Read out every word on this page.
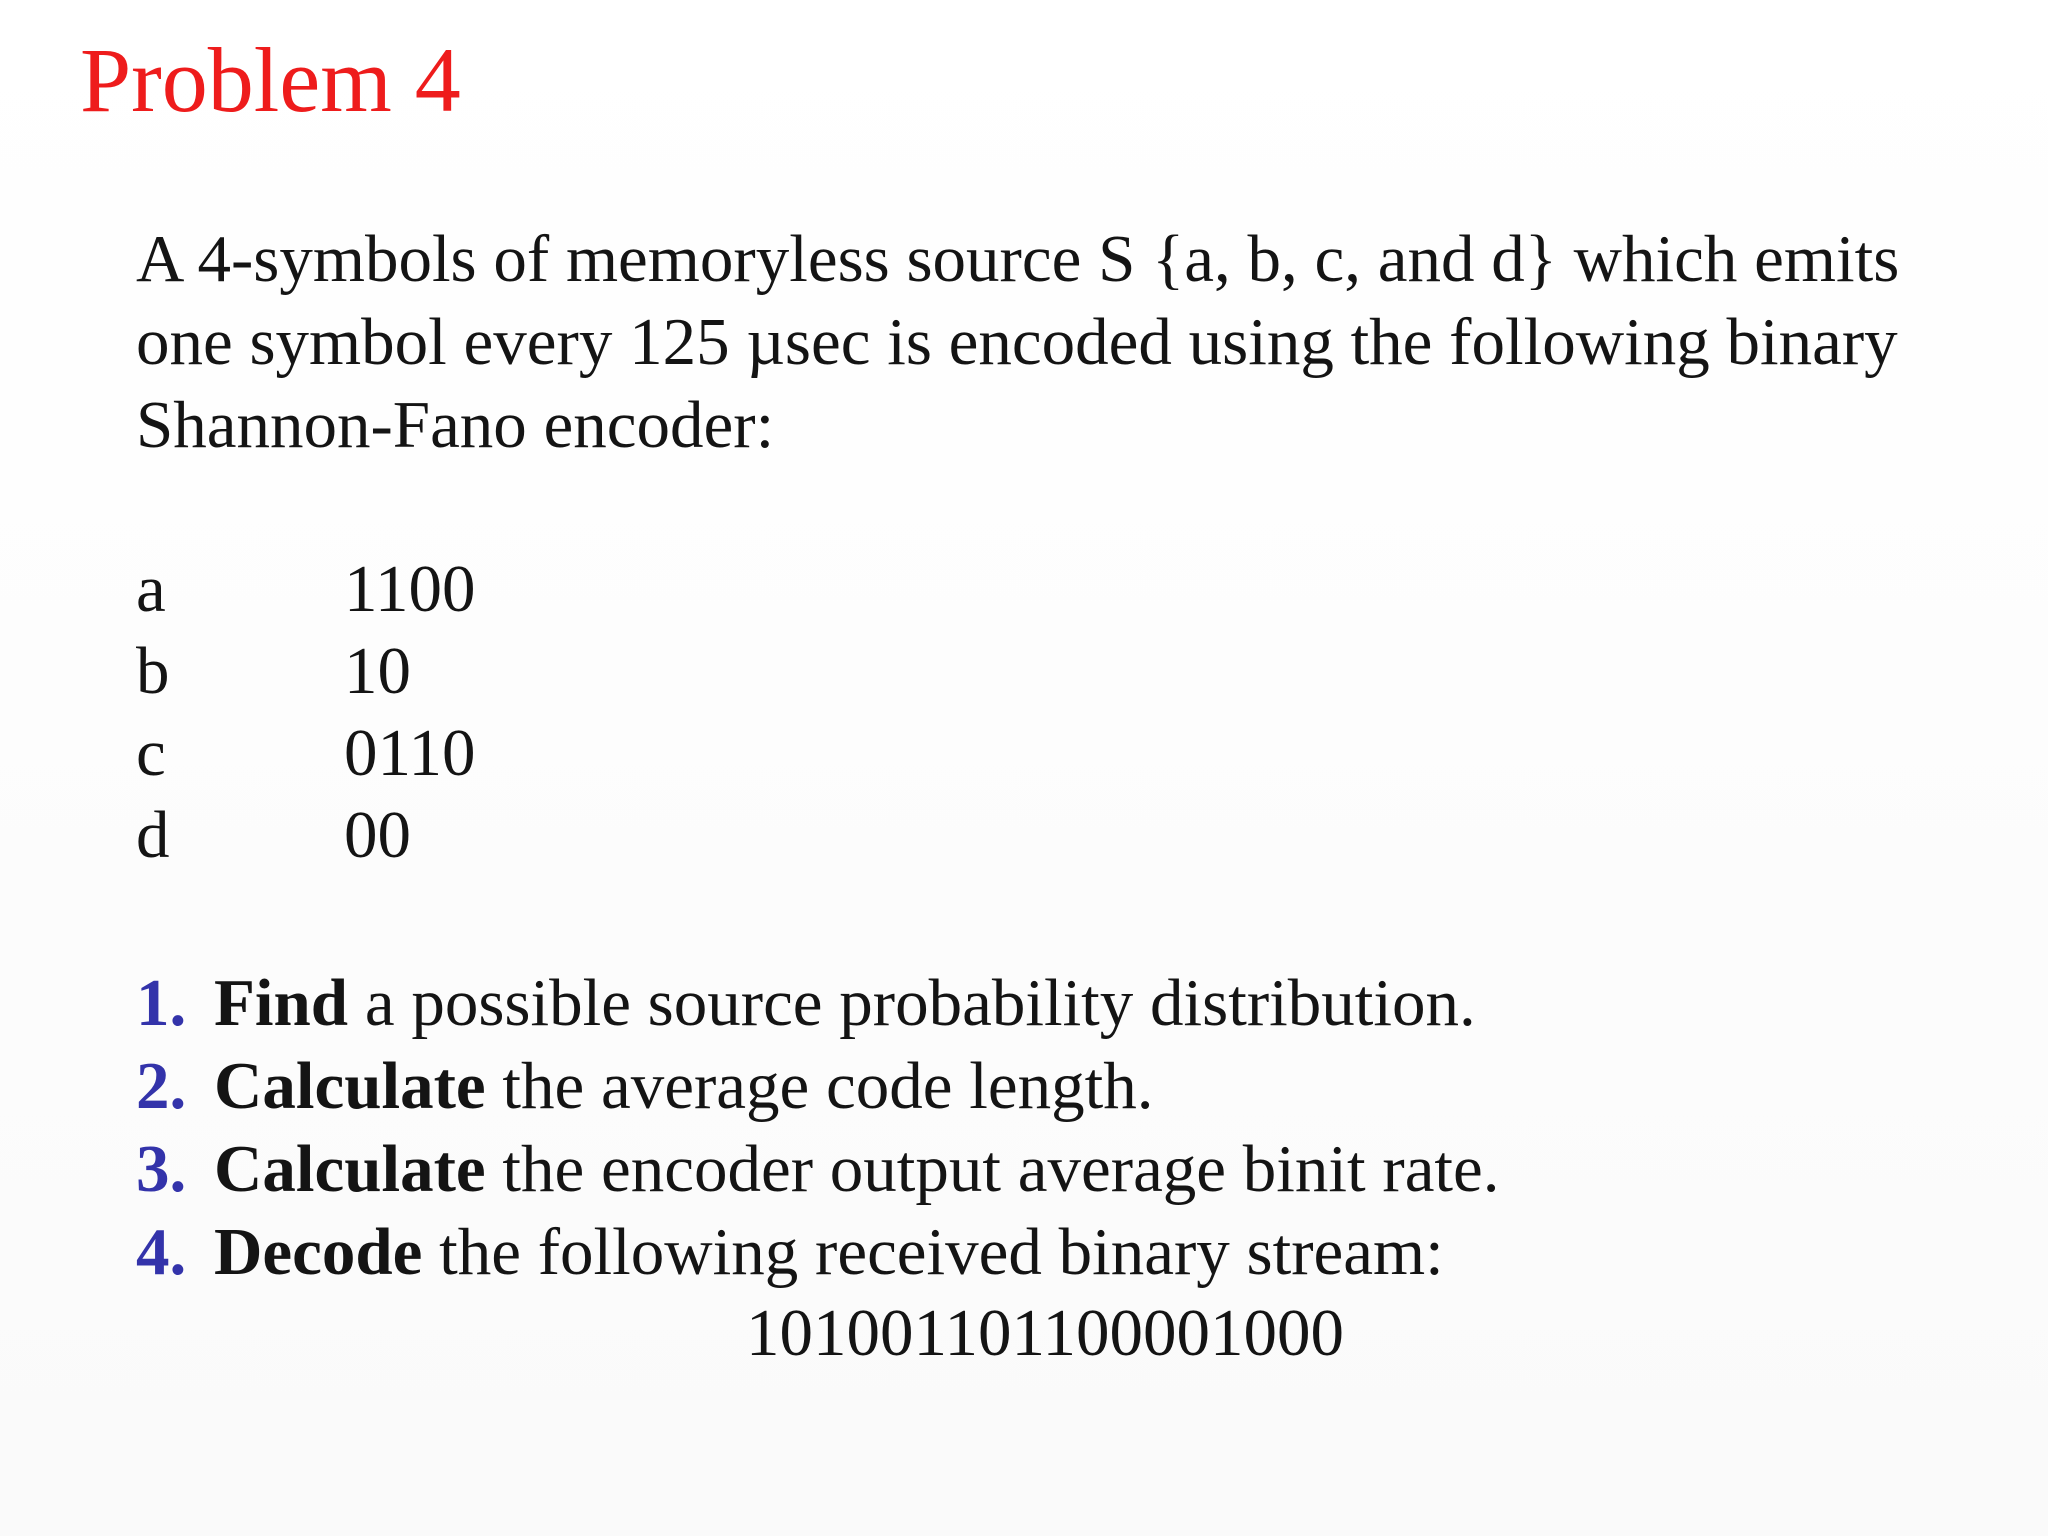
Problem 4

A 4-symbols of memoryless source S {a, b, c, and d} which emits

one symbol every 125 µsec is encoded using the following binary

Shannon-Fano encoder:

a	1100
b	10
c	0110
d	00
1. Find a possible source probability distribution.
2. Calculate the average code length.
3. Calculate the encoder output average binit rate.
4. Decode the following received binary stream:
101001101100001000
